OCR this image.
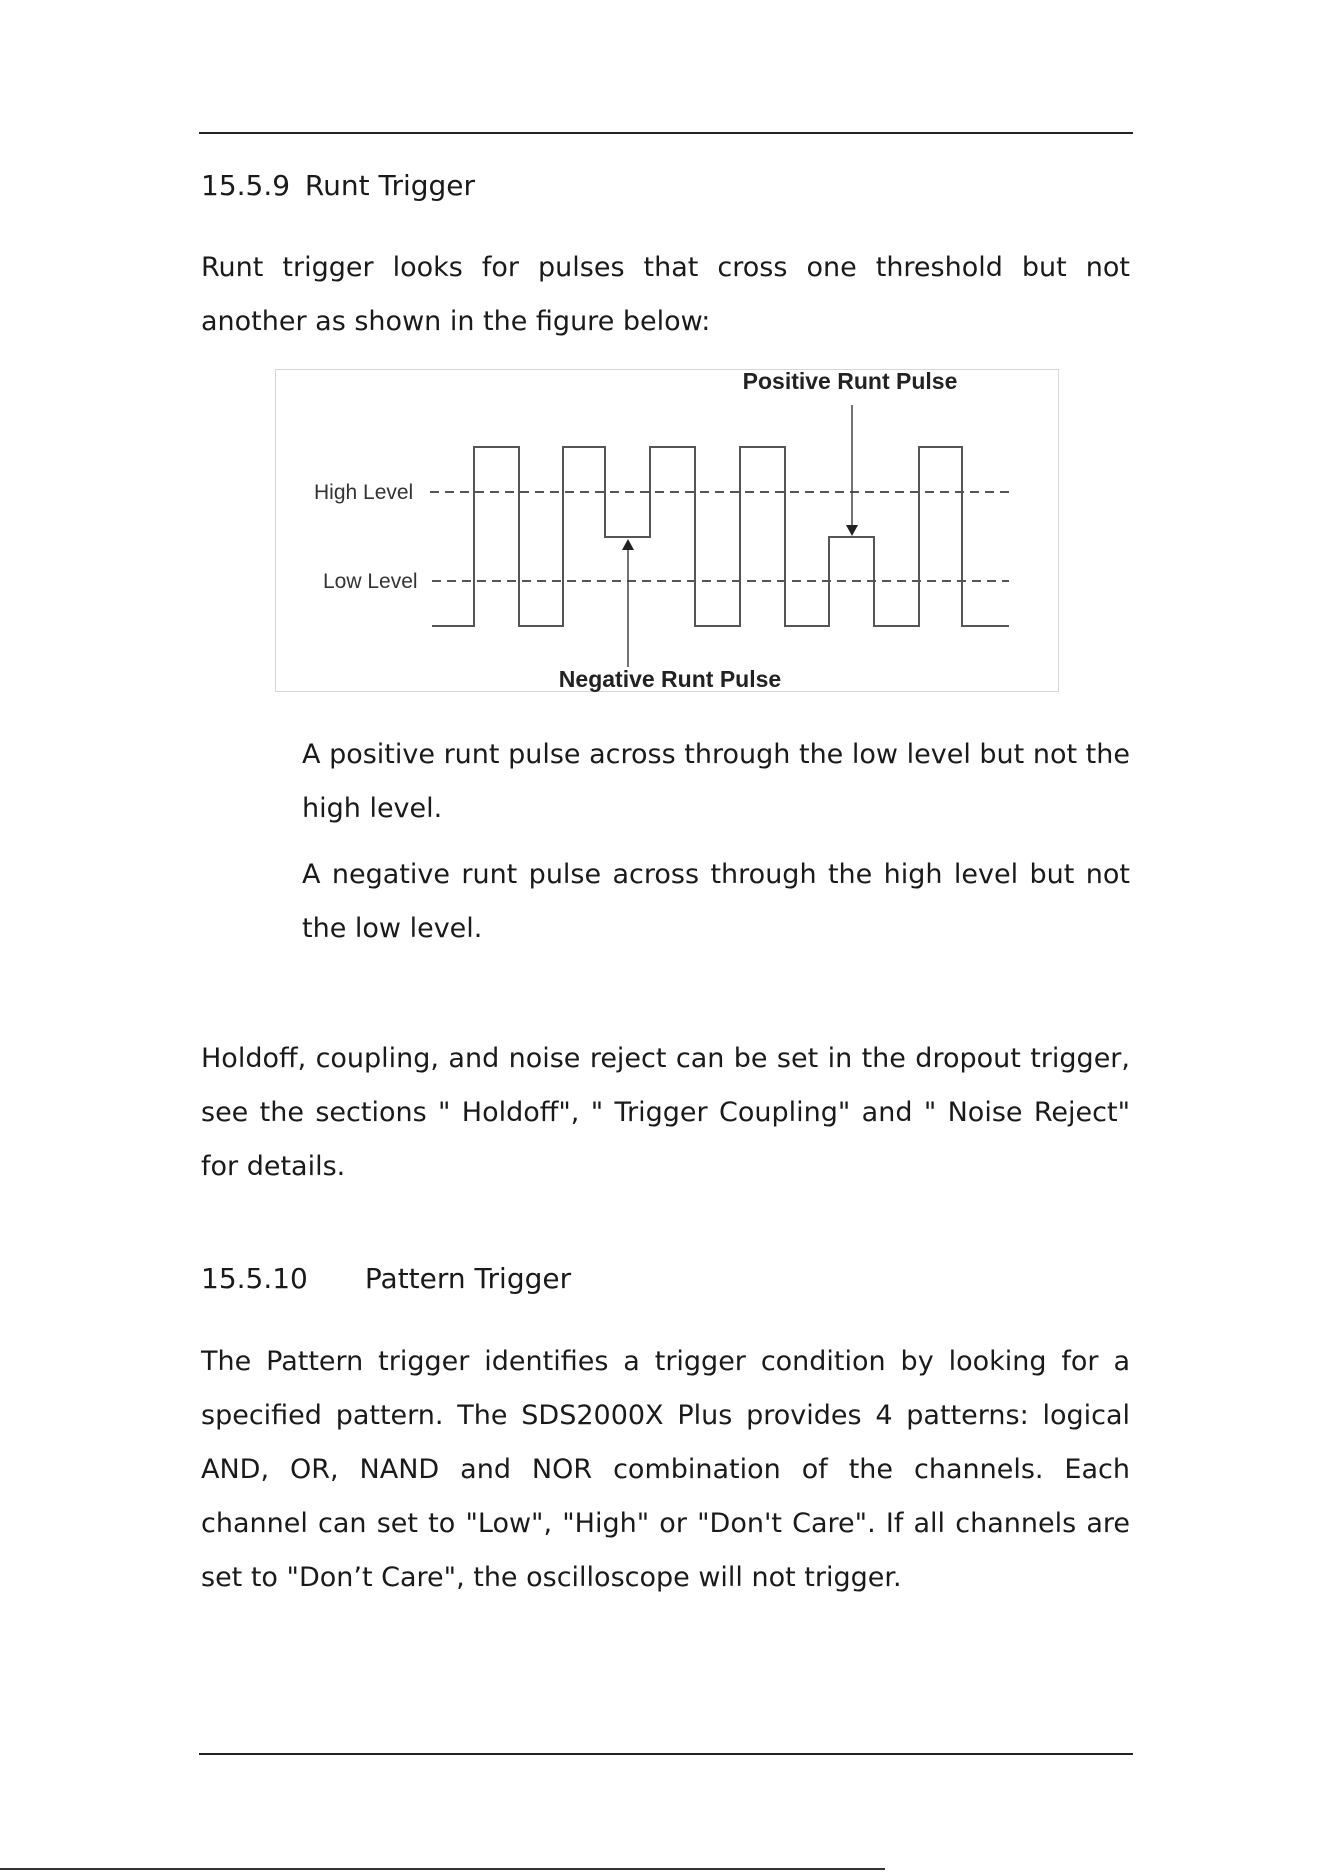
15.5.9 Runt Trigger

Runt trigger looks for pulses that cross one threshold but not another as shown in the figure below:

High Level
Low Level
Positive Runt Pulse
Negative Runt Pulse

A positive runt pulse across through the low level but not the high level.

A negative runt pulse across through the high level but not the low level.

Holdoff, coupling, and noise reject can be set in the dropout trigger, see the sections " Holdoff", " Trigger Coupling" and " Noise Reject" for details.

15.5.10 Pattern Trigger

The Pattern trigger identifies a trigger condition by looking for a specified pattern. The SDS2000X Plus provides 4 patterns: logical AND, OR, NAND and NOR combination of the channels. Each channel can set to "Low", "High" or "Don't Care". If all channels are set to "Don’t Care", the oscilloscope will not trigger.
